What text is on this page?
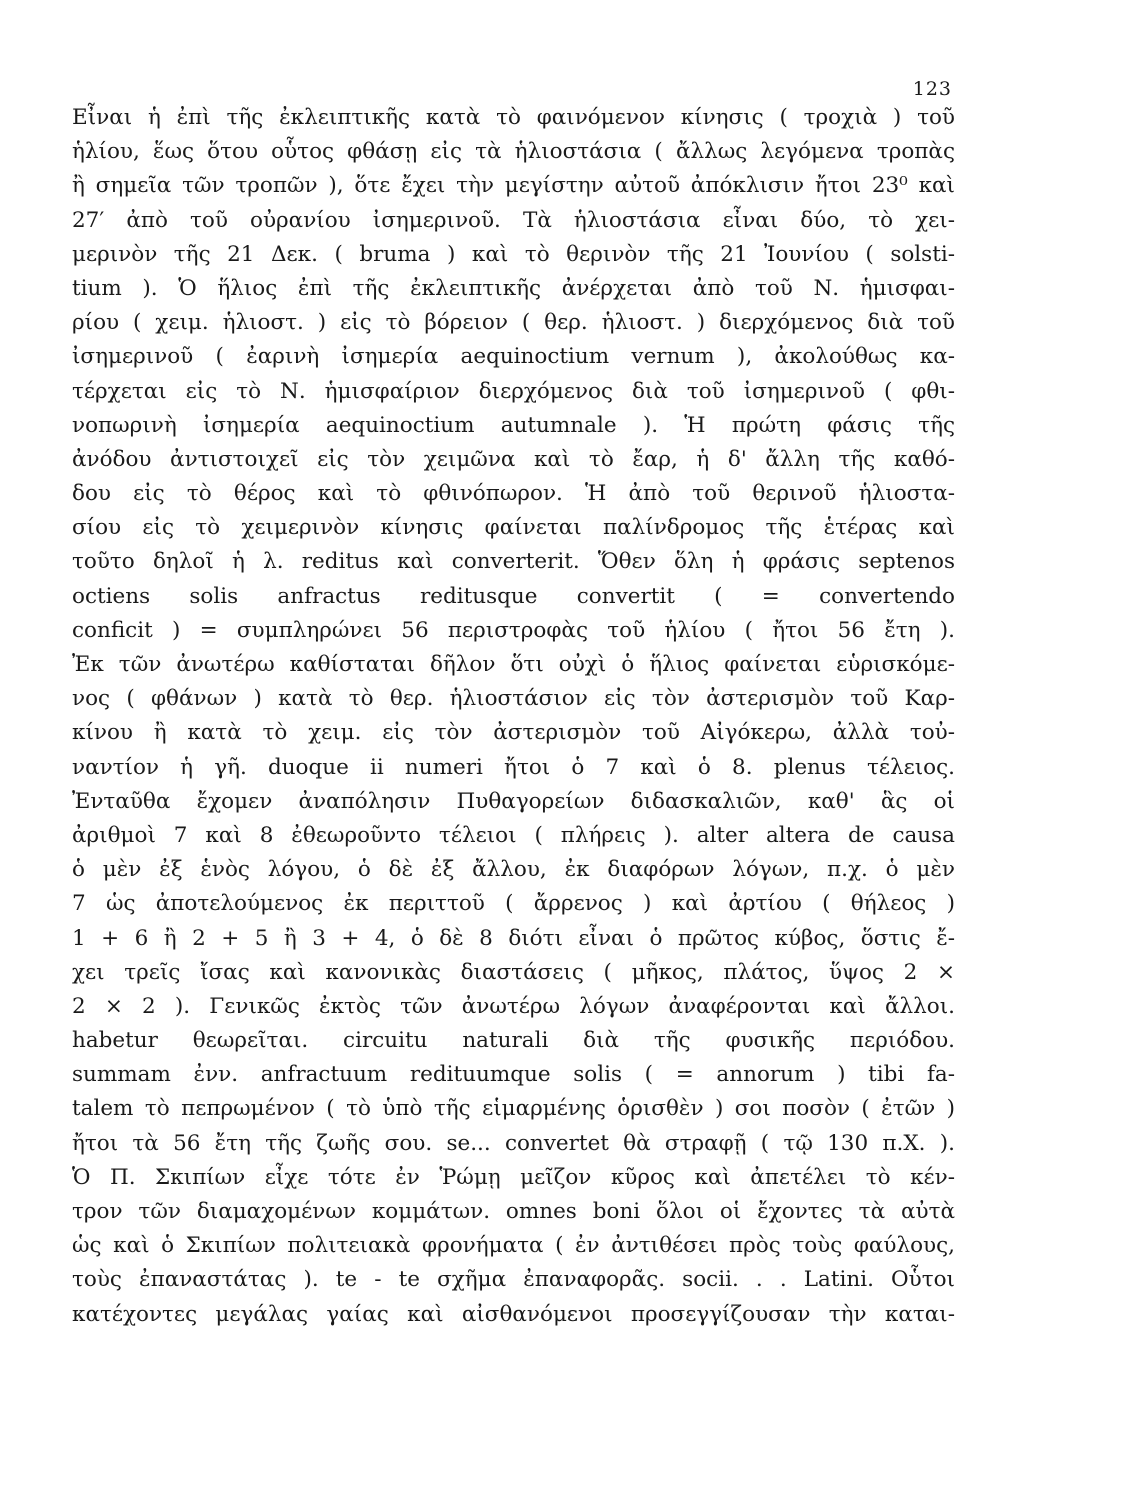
123
Εἶναι ἡ ἐπὶ τῆς ἐκλειπτικῆς κατὰ τὸ φαινόμενον κίνησις ( τροχιὰ ) τοῦ
ἡλίου, ἕως ὅτου οὗτος φθάσῃ εἰς τὰ ἡλιοστάσια ( ἄλλως λεγόμενα τροπὰς
ἢ σημεῖα τῶν τροπῶν ), ὅτε ἔχει τὴν μεγίστην αὐτοῦ ἀπόκλισιν ἤτοι 23⁰ καὶ
27′ ἀπὸ τοῦ οὐρανίου ἰσημερινοῦ. Τὰ ἡλιοστάσια εἶναι δύο, τὸ χει-
μερινὸν τῆς 21 Δεκ. ( bruma ) καὶ τὸ θερινὸν τῆς 21 Ἰουνίου ( solsti-
tium ). Ὁ ἥλιος ἐπὶ τῆς ἐκλειπτικῆς ἀνέρχεται ἀπὸ τοῦ Ν. ἡμισφαι-
ρίου ( χειμ. ἡλιοστ. ) εἰς τὸ βόρειον ( θερ. ἡλιοστ. ) διερχόμενος διὰ τοῦ
ἰσημερινοῦ ( ἐαρινὴ ἰσημερία aequinoctium vernum ), ἀκολούθως κα-
τέρχεται εἰς τὸ Ν. ἡμισφαίριον διερχόμενος διὰ τοῦ ἰσημερινοῦ ( φθι-
νοπωρινὴ ἰσημερία aequinoctium autumnale ). Ἡ πρώτη φάσις τῆς
ἀνόδου ἀντιστοιχεῖ εἰς τὸν χειμῶνα καὶ τὸ ἔαρ, ἡ δ' ἄλλη τῆς καθό-
δου εἰς τὸ θέρος καὶ τὸ φθινόπωρον. Ἡ ἀπὸ τοῦ θερινοῦ ἡλιοστα-
σίου εἰς τὸ χειμερινὸν κίνησις φαίνεται παλίνδρομος τῆς ἑτέρας καὶ
τοῦτο δηλοῖ ἡ λ. reditus καὶ converterit. Ὅθεν ὅλη ἡ φράσις septenos
octiens solis anfractus reditusque convertit ( = convertendo
conficit ) = συμπληρώνει 56 περιστροφὰς τοῦ ἡλίου ( ἤτοι 56 ἔτη ).
Ἐκ τῶν ἀνωτέρω καθίσταται δῆλον ὅτι οὐχὶ ὁ ἥλιος φαίνεται εὑρισκόμε-
νος ( φθάνων ) κατὰ τὸ θερ. ἡλιοστάσιον εἰς τὸν ἀστερισμὸν τοῦ Καρ-
κίνου ἢ κατὰ τὸ χειμ. εἰς τὸν ἀστερισμὸν τοῦ Αἰγόκερω, ἀλλὰ τοὐ-
ναντίον ἡ γῆ. duoque ii numeri ἤτοι ὁ 7 καὶ ὁ 8. plenus τέλειος.
Ἐνταῦθα ἔχομεν ἀναπόλησιν Πυθαγορείων διδασκαλιῶν, καθ' ἃς οἱ
ἀριθμοὶ 7 καὶ 8 ἐθεωροῦντο τέλειοι ( πλήρεις ). alter altera de causa
ὁ μὲν ἐξ ἑνὸς λόγου, ὁ δὲ ἐξ ἄλλου, ἐκ διαφόρων λόγων, π.χ. ὁ μὲν
7 ὡς ἀποτελούμενος ἐκ περιττοῦ ( ἄρρενος ) καὶ ἀρτίου ( θήλεος )
1 + 6 ἢ 2 + 5 ἢ 3 + 4, ὁ δὲ 8 διότι εἶναι ὁ πρῶτος κύβος, ὅστις ἔ-
χει τρεῖς ἴσας καὶ κανονικὰς διαστάσεις ( μῆκος, πλάτος, ὕψος 2 ×
2 × 2 ). Γενικῶς ἐκτὸς τῶν ἀνωτέρω λόγων ἀναφέρονται καὶ ἄλλοι.
habetur θεωρεῖται. circuitu naturali διὰ τῆς φυσικῆς περιόδου.
summam ἐνν. anfractuum redituumque solis ( = annorum ) tibi fa-
talem τὸ πεπρωμένον ( τὸ ὑπὸ τῆς εἱμαρμένης ὁρισθὲν ) σοι ποσὸν ( ἐτῶν )
ἤτοι τὰ 56 ἔτη τῆς ζωῆς σου. se... convertet θὰ στραφῇ ( τῷ 130 π.Χ. ).
Ὁ Π. Σκιπίων εἶχε τότε ἐν Ῥώμῃ μεῖζον κῦρος καὶ ἀπετέλει τὸ κέν-
τρον τῶν διαμαχομένων κομμάτων. omnes boni ὅλοι οἱ ἔχοντες τὰ αὐτὰ
ὡς καὶ ὁ Σκιπίων πολιτειακὰ φρονήματα ( ἐν ἀντιθέσει πρὸς τοὺς φαύλους,
τοὺς ἐπαναστάτας ). te - te σχῆμα ἐπαναφορᾶς. socii. . . Latini. Οὗτοι
κατέχοντες μεγάλας γαίας καὶ αἰσθανόμενοι προσεγγίζουσαν τὴν καται-
